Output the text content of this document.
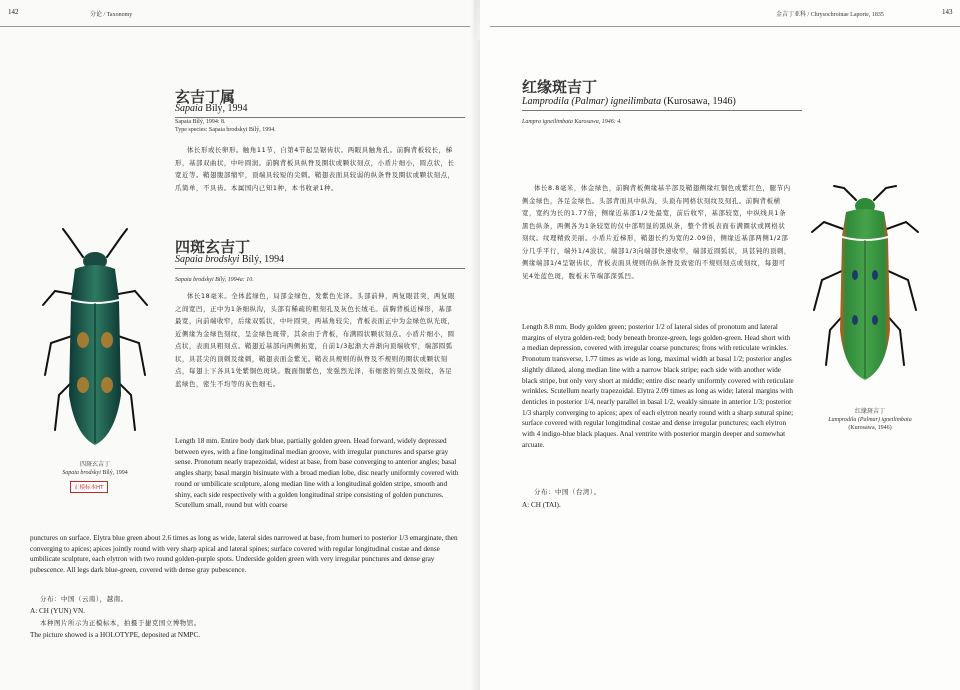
142	分论 / Taxonomy
玄吉丁属
Sapaia Bílý, 1994
Sapaia Bílý, 1994: 8.
Type species: Sapaia brodskyi Bílý, 1994.
体长形或长卵形。触角11节，自第4节起呈锯齿状。两眼具触角孔。前胸背板较长，梯形，基部双曲状，中叶圆润。前胸背板具纵脊及圈状或颗状刻点，小盾片细小，圆点状，长宽近等。鞘翅腹部缩窄，顶端具较短的尖刺。鞘翅表面具较弱的纵条脊及圈状或颗状刻点，爪简单，不具齿。本属国内已知1种，本书收录1种。
四斑玄吉丁
Sapaia brodskyi Bílý, 1994
Sapaia brodskyi Bílý, 1994a: 10.
体长18毫米。全体蓝绿色，局部金绿色，发紫色光泽。头部前伸，两复眼甚突，两复眼之间宽凹，正中为1条细纵沟，头部有稀疏的粗刻孔及灰色长绒毛。前胸背板近梯形，基部最宽，向前端收窄，后缘双弧状，中叶圆突，两基角较尖，背板表面正中为金绿色纵光斑，近侧缘为金绿色刻纹，呈金绿色斑带，其余由于背板，布满圆状颗状刻点。小盾片细小，圆点状，表面具粗刻点。鞘翅近基部向两侧拓宽，自前1/3起渐大并渐向顶端收窄，端部圆弧状，具甚尖的顶刺及缘刺，鞘翅表面金紫光。鞘表具规则的纵脊及不规则的圈状或颗状刻点，每翅上下各具1处紫铜色斑块。腹面铜紫色，发强烈光泽，布细密的刻点及刻纹，各足蓝绿色，密生不均等的灰色细毛。
Length 18 mm. Entire body dark blue, partially golden green. Head forward, widely depressed between eyes, with a fine longitudinal median groove, with irregular punctures and sparse gray sense. Pronotum nearly trapezoidal, widest at base, from base converging to anterior angles; basal angles sharp; basal margin bisinuate with a broad median lobe, disc nearly uniformly covered with round or umbilicate sculpture, along median line with a longitudinal golden stripe, smooth and shiny, each side respectively with a golden longitudinal stripe consisting of golden punctures. Scutellum small, round but with coarse
punctures on surface. Elytra blue green about 2.6 times as long as wide, lateral sides narrowed at base, from humeri to posterior 1/3 emarginate, then converging to apices; apices jointly round with very sharp apical and lateral spines; surface covered with regular longitudinal costae and dense umbilicate sculpture, each elytron with two round golden-purple spots. Underside golden green with very irregular punctures and dense gray pubescence. All legs dark blue-green, covered with dense gray pubescence.
分布：中国（云南），越南。
A: CH (YUN) VN.
本种图片所示为正模标本，拍摄于捷克国立博物馆。
The picture showed is a HOLOTYPE, deposited at NMPC.
四斑玄吉丁
Sapaia brodskyi Bílý, 1994
正模标本HT
金吉丁亚科 / Chrysochroinae Laporte, 1835	143
红缘斑吉丁
Lamprodila (Palmar) igneilimbata (Kurosawa, 1946)
Lampra igneilimbata Kurosawa, 1946: 4.
体长8.8毫米，体金绿色，前胸背板侧缘基半部及鞘翅侧缘红铜色或紫红色，腿节内侧金绿色，各足金绿色。头部背面具中纵沟，头顶布网格状刻纹及刻孔。前胸背板横宽，宽约为长的1.77倍，侧缘近基部1/2处最宽，前后收窄，基部较宽，中纵线具1条黑色纵条，两侧各为1条较宽的仅中部明显的黑纵条，整个背板表面布满圈状或网格状刻纹。纹理精致美丽。小盾片近梯形，鞘翅长约为宽的2.09倍，侧缘近基部两侧1/2部分几乎平行，端外1/4波状，端部1/3向端部快速收窄，端部近圆弧状，具甚钝的顶刺，侧缘端部1/4呈锯齿状，背板表面具规则的纵条脊及致密的不规则刻点或刻纹，每翅可见4处蓝色斑，腹板末节端部深弧凹。
Length 8.8 mm. Body golden green; posterior 1/2 of lateral sides of pronotum and lateral margins of elytra golden-red; body beneath bronze-green, legs golden-green. Head short with a median depression, covered with irregular coarse punctures; frons with reticulate wrinkles. Pronotum transverse, 1.77 times as wide as long, maximal width at basal 1/2; posterior angles slightly dilated, along median line with a narrow black stripe; each side with another wide black stripe, but only very short at middle; entire disc nearly uniformly covered with reticulate wrinkles. Scutellum nearly trapezoidal. Elytra 2.09 times as long as wide; lateral margins with denticles in posterior 1/4, nearly parallel in basal 1/2, weakly sinuate in anterior 1/3; posterior 1/3 sharply converging to apices; apex of each elytron nearly round with a sharp sutural spine; surface covered with regular longitudinal costae and dense irregular punctures; each elytron with 4 indigo-blue black plaques. Anal ventrite with posterior margin deeper and somewhat arcuate.
分布：中国（台湾）。
A: CH (TAI).
红缘斑吉丁
Lamprodila (Palmar) igneilimbata
(Kurosawa, 1946)
